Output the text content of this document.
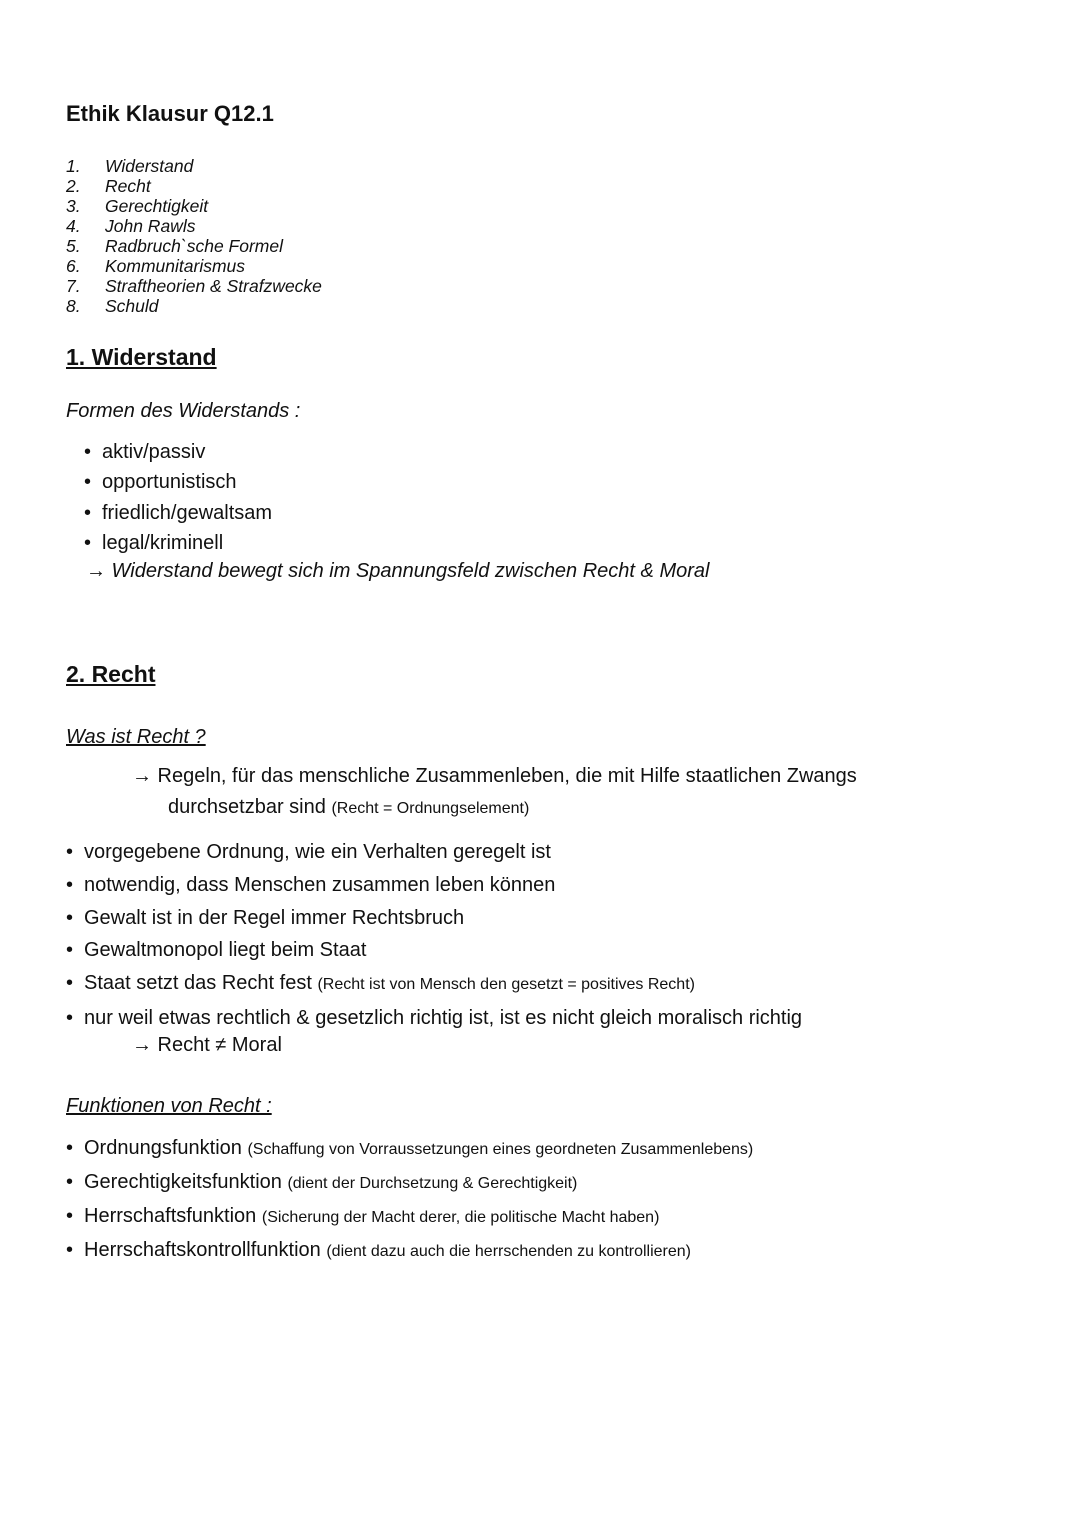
Ethik Klausur Q12.1
1.	Widerstand
2.	Recht
3.	Gerechtigkeit
4.	John Rawls
5.	Radbruch`sche Formel
6.	Kommunitarismus
7.	Straftheorien & Strafzwecke
8.	Schuld
1. Widerstand

Formen des Widerstands :

• aktiv/passiv
• opportunistisch
• friedlich/gewaltsam
• legal/kriminell

→ Widerstand bewegt sich im Spannungsfeld zwischen Recht & Moral

2. Recht

Was ist Recht ?

→ Regeln, für das menschliche Zusammenleben, die mit Hilfe staatlichen Zwangs
durchsetzbar sind (Recht = Ordnungselement)

• vorgegebene Ordnung, wie ein Verhalten geregelt ist
• notwendig, dass Menschen zusammen leben können
• Gewalt ist in der Regel immer Rechtsbruch
• Gewaltmonopol liegt beim Staat
• Staat setzt das Recht fest
(Recht ist von Mensch den gesetzt = positives Recht)
• nur weil etwas rechtlich & gesetzlich richtig ist, ist es nicht gleich moralisch richtig

→ Recht ≠ Moral

Funktionen von Recht :

• Ordnungsfunktion
(Schaffung von Vorraussetzungen eines geordneten Zusammenlebens)
• Gerechtigkeitsfunktion
(dient der Durchsetzung & Gerechtigkeit)
• Herrschaftsfunktion
(Sicherung der Macht derer, die politische Macht haben)
• Herrschaftskontrollfunktion
(dient dazu auch die herrschenden zu kontrollieren)
